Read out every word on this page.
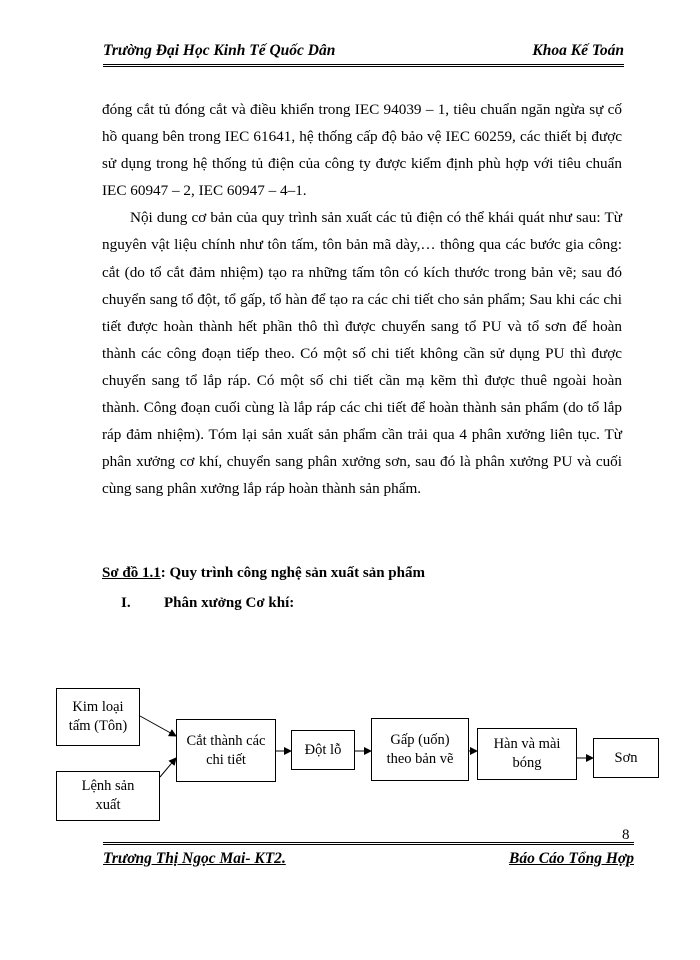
Trường Đại Học Kinh Tế Quốc Dân	Khoa Kế Toán

đóng cắt tủ đóng cắt và điều khiển trong IEC 94039 – 1, tiêu chuẩn ngăn ngừa sự cố hồ quang bên trong IEC 61641, hệ thống cấp độ bảo vệ IEC 60259, các thiết bị được sử dụng trong hệ thống tủ điện của công ty được kiểm định phù hợp với tiêu chuẩn IEC 60947 – 2, IEC 60947 – 4–1.

Nội dung cơ bản của quy trình sản xuất các tủ điện có thể khái quát như sau: Từ nguyên vật liệu chính như tôn tấm, tôn bản mã dày,… thông qua các bước gia công: cắt (do tổ cắt đảm nhiệm) tạo ra những tấm tôn có kích thước trong bản vẽ; sau đó chuyển sang tổ đột, tổ gấp, tổ hàn để tạo ra các chi tiết cho sản phẩm; Sau khi các chi tiết được hoàn thành hết phần thô thì được chuyển sang tổ PU và tổ sơn để hoàn thành các công đoạn tiếp theo. Có một số chi tiết không cần sử dụng PU thì được chuyển sang tổ lắp ráp. Có một số chi tiết cần mạ kẽm thì được thuê ngoài hoàn thành. Công đoạn cuối cùng là lắp ráp các chi tiết để hoàn thành sản phẩm (do tổ lắp ráp đảm nhiệm). Tóm lại sản xuất sản phẩm cần trải qua 4 phân xưởng liên tục. Từ phân xưởng cơ khí, chuyển sang phân xưởng sơn, sau đó là phân xưởng PU và cuối cùng sang phân xưởng lắp ráp hoàn thành sản phẩm.

Sơ đồ 1.1: Quy trình công nghệ sản xuất sản phẩm
I. Phân xưởng Cơ khí:
Kim loại tấm (Tôn)
Lệnh sản xuất
Cắt thành các chi tiết
Đột lỗ
Gấp (uốn) theo bản vẽ
Hàn và mài bóng	Sơn
8
Trương Thị Ngọc Mai- KT2.	Báo Cáo Tổng Hợp
